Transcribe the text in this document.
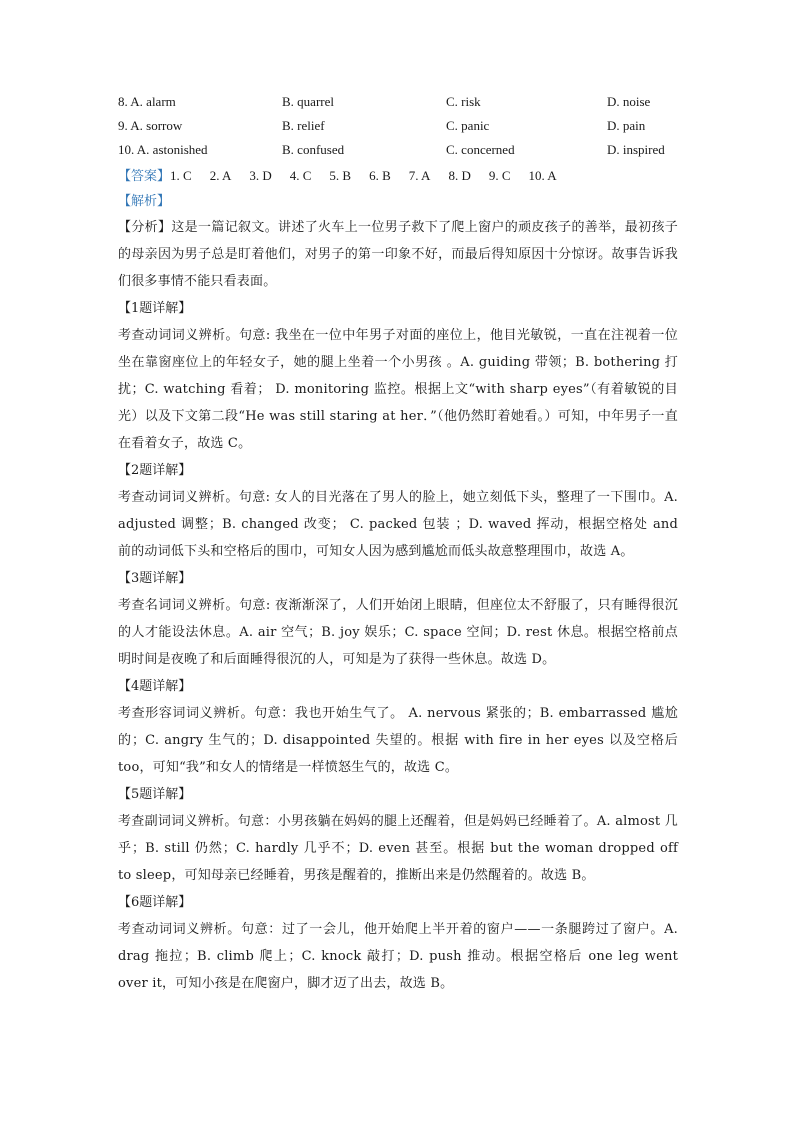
8. A. alarm	B. quarrel	C. risk	D. noise
9. A. sorrow	B. relief	C. panic	D. pain
10. A. astonished	B. confused	C. concerned	D. inspired
【答案】1. C 2. A 3. D 4. C 5. B 6. B 7. A 8. D 9. C 10. A
【解析】

【分析】这是一篇记叙文。讲述了火车上一位男子救下了爬上窗户的顽皮孩子的善举，最初孩子的母亲因为男子总是盯着他们，对男子的第一印象不好，而最后得知原因十分惊讶。故事告诉我们很多事情不能只看表面。

【1题详解】

考查动词词义辨析。句意: 我坐在一位中年男子对面的座位上，他目光敏锐，一直在注视着一位坐在靠窗座位上的年轻女子，她的腿上坐着一个小男孩 。A. guiding 带领；B. bothering 打扰；C. watching 看着； D. monitoring 监控。根据上文“with sharp eyes”（有着敏锐的目光）以及下文第二段“He was still staring at her．”（他仍然盯着她看。）可知，中年男子一直在看着女子，故选 C。

【2题详解】

考查动词词义辨析。句意: 女人的目光落在了男人的脸上，她立刻低下头，整理了一下围巾。A. adjusted 调整；B. changed 改变； C. packed 包装 ；D. waved 挥动，根据空格处 and 前的动词低下头和空格后的围巾，可知女人因为感到尴尬而低头故意整理围巾，故选 A。

【3题详解】

考查名词词义辨析。句意: 夜渐渐深了，人们开始闭上眼睛，但座位太不舒服了，只有睡得很沉的人才能设法休息。A. air 空气；B. joy 娱乐；C. space 空间；D. rest 休息。根据空格前点明时间是夜晚了和后面睡得很沉的人，可知是为了获得一些休息。故选 D。

【4题详解】

考查形容词词义辨析。句意：我也开始生气了。 A. nervous 紧张的；B. embarrassed 尴尬的；C. angry 生气的；D. disappointed 失望的。根据 with fire in her eyes 以及空格后 too，可知“我”和女人的情绪是一样愤怒生气的，故选 C。

【5题详解】

考查副词词义辨析。句意：小男孩躺在妈妈的腿上还醒着，但是妈妈已经睡着了。A. almost 几乎；B. still 仍然；C. hardly 几乎不；D. even 甚至。根据 but the woman dropped off to sleep，可知母亲已经睡着，男孩是醒着的，推断出来是仍然醒着的。故选 B。

【6题详解】

考查动词词义辨析。句意：过了一会儿，他开始爬上半开着的窗户——一条腿跨过了窗户。A. drag 拖拉；B. climb 爬上；C. knock 敲打；D. push 推动。根据空格后 one leg went over it，可知小孩是在爬窗户，脚才迈了出去，故选 B。
